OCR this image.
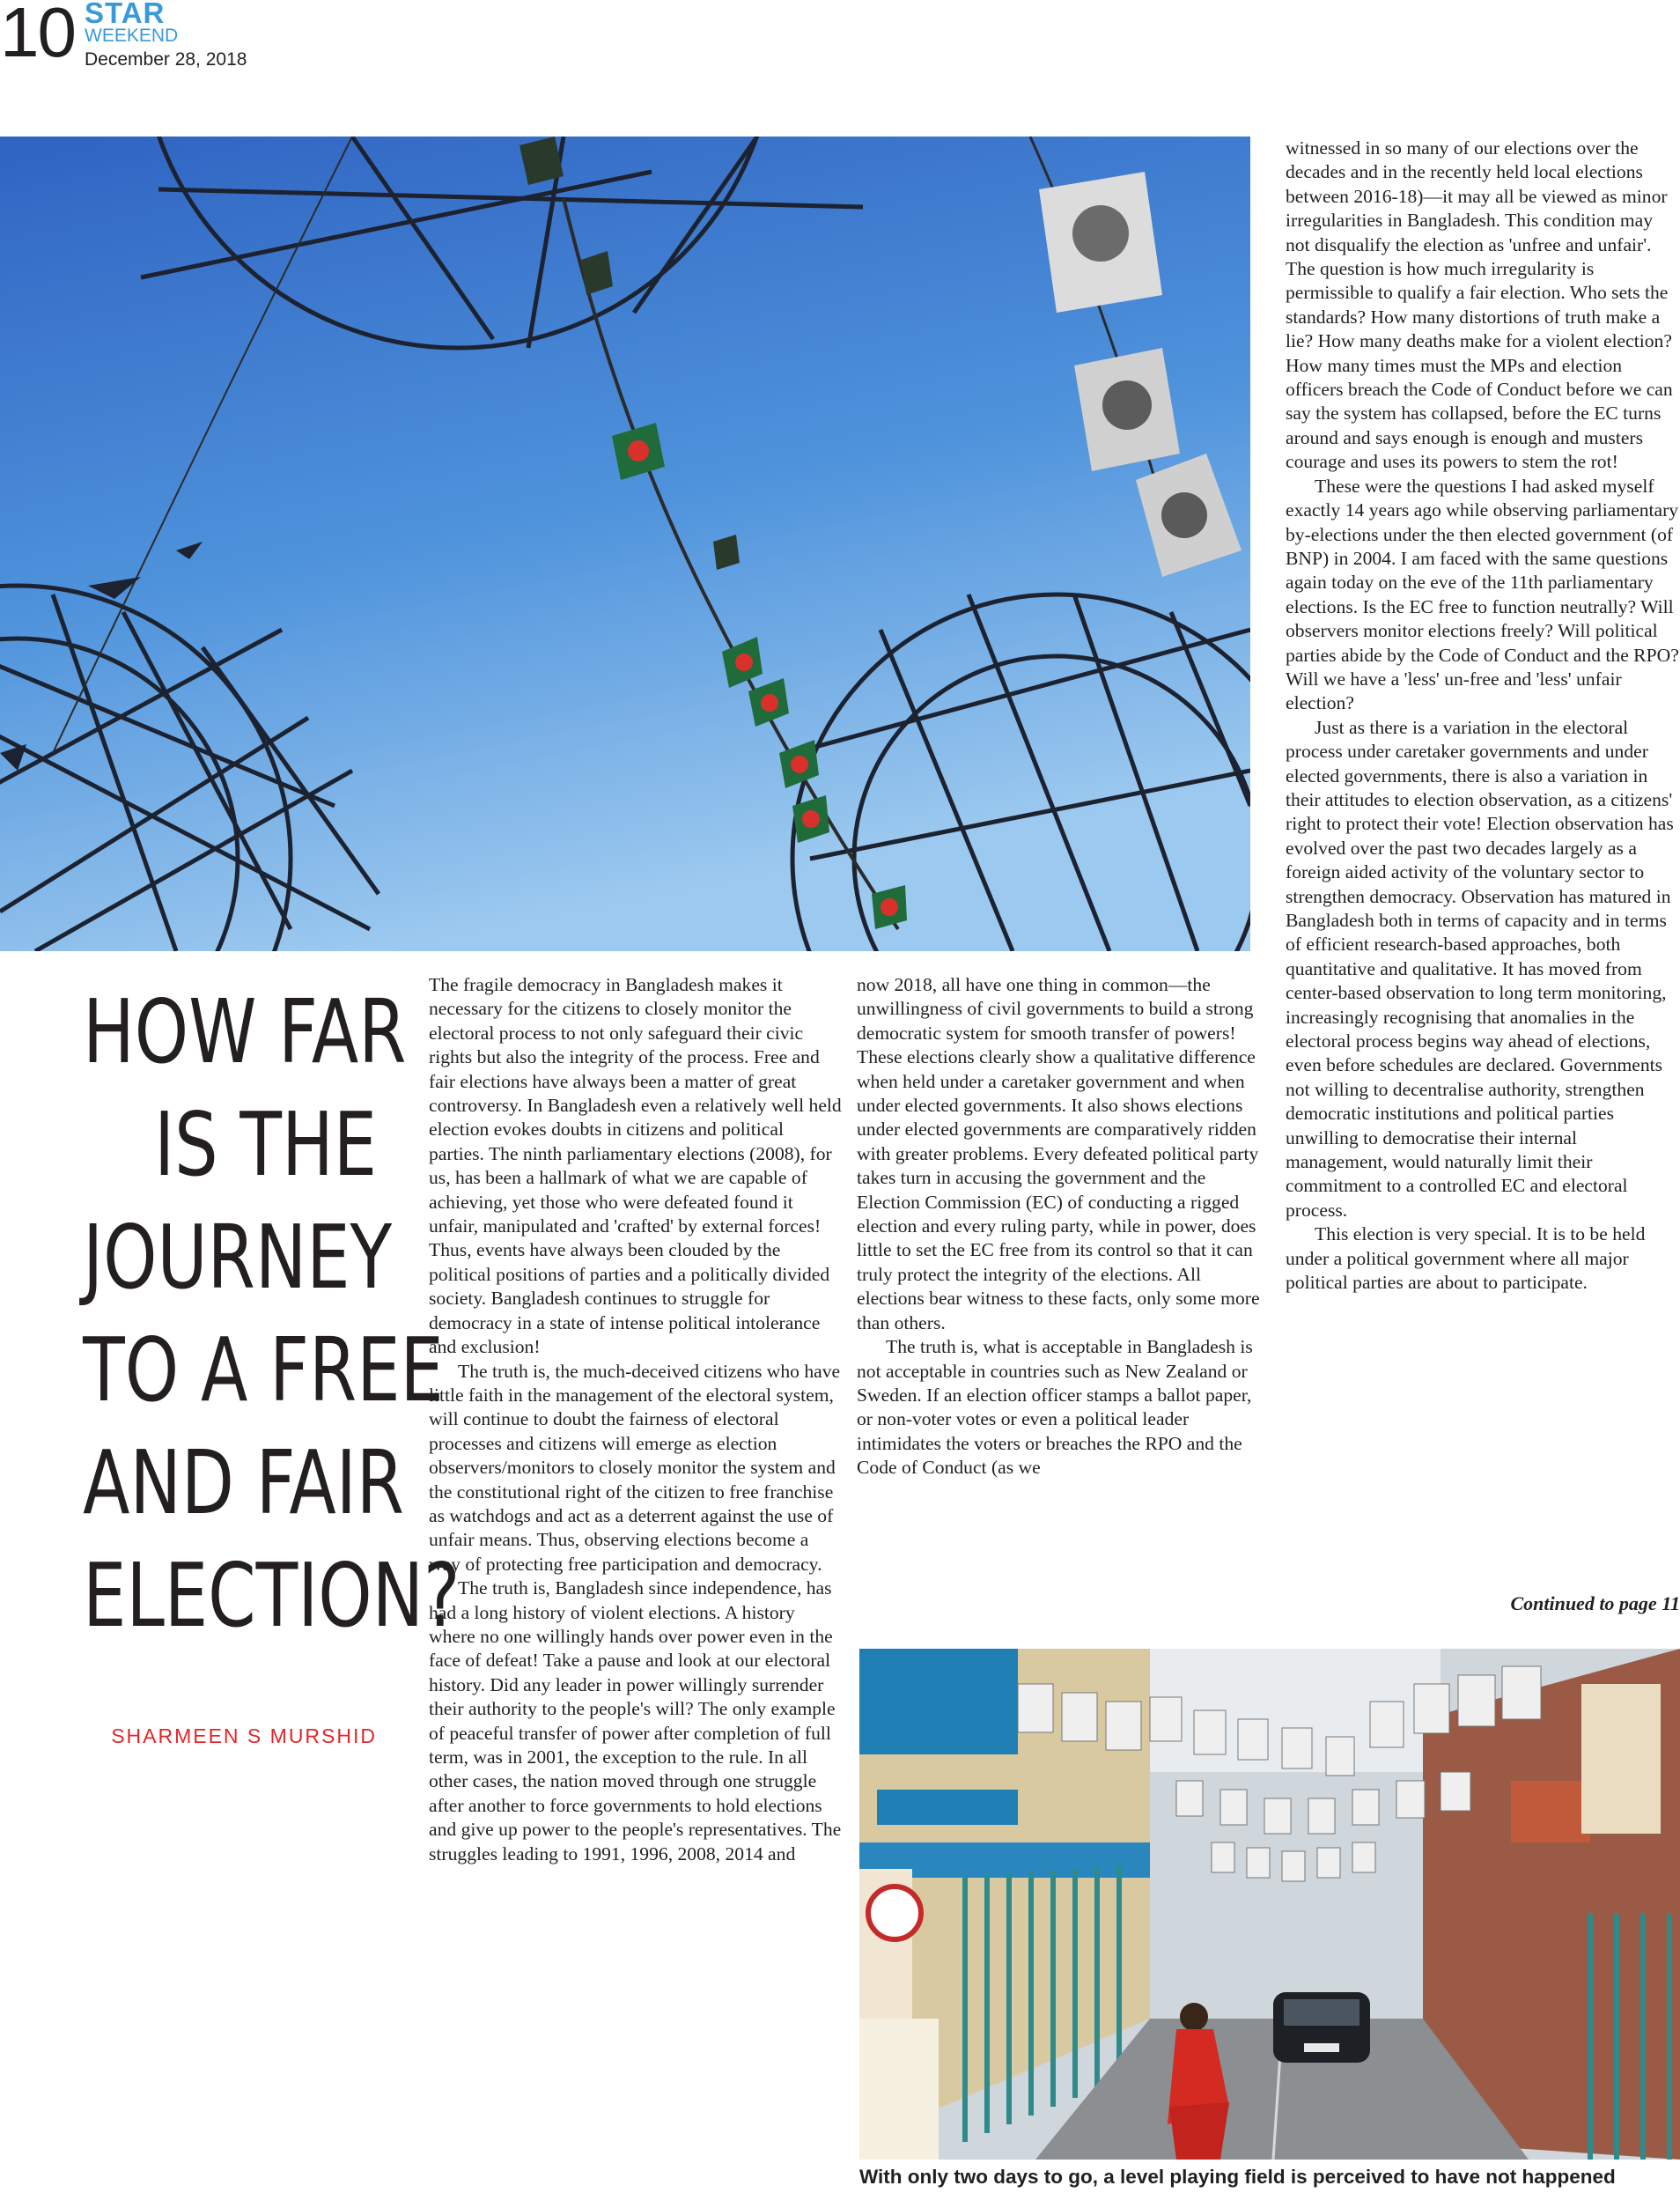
10 STAR
WEEKEND
December 28, 2018
HOW FAR
IS THE
JOURNEY
TO A FREE
AND FAIR
ELECTION?
SHARMEEN S MURSHID

The fragile democracy in Bangladesh makes it necessary for the citizens to closely monitor the electoral process to not only safeguard their civic rights but also the integrity of the process. Free and fair elections have always been a matter of great controversy. In Bangladesh even a relatively well held election evokes doubts in citizens and political parties. The ninth parliamentary elections (2008), for us, has been a hallmark of what we are capable of achieving, yet those who were defeated found it unfair, manipulated and 'crafted' by external forces! Thus, events have always been clouded by the political positions of parties and a politically divided society. Bangladesh continues to struggle for democracy in a state of intense political intolerance and exclusion!

The truth is, the much-deceived citizens who have little faith in the management of the electoral system, will continue to doubt the fairness of electoral processes and citizens will emerge as election observers/monitors to closely monitor the system and the constitutional right of the citizen to free franchise as watchdogs and act as a deterrent against the use of unfair means. Thus, observing elections become a way of protecting free participation and democracy.

The truth is, Bangladesh since independence, has had a long history of violent elections. A history where no one willingly hands over power even in the face of defeat! Take a pause and look at our electoral history. Did any leader in power willingly surrender their authority to the people's will? The only example of peaceful transfer of power after completion of full term, was in 2001, the exception to the rule. In all other cases, the nation moved through one struggle after another to force governments to hold elections and give up power to the people's representatives. The struggles leading to 1991, 1996, 2008, 2014 and

now 2018, all have one thing in common—the unwillingness of civil governments to build a strong democratic system for smooth transfer of powers! These elections clearly show a qualitative difference when held under a caretaker government and when under elected governments. It also shows elections under elected governments are comparatively ridden with greater problems. Every defeated political party takes turn in accusing the government and the Election Commission (EC) of conducting a rigged election and every ruling party, while in power, does little to set the EC free from its control so that it can truly protect the integrity of the elections. All elections bear witness to these facts, only some more than others.

The truth is, what is acceptable in Bangladesh is not acceptable in countries such as New Zealand or Sweden. If an election officer stamps a ballot paper, or non-voter votes or even a political leader intimidates the voters or breaches the RPO and the Code of Conduct (as we

witnessed in so many of our elections over the decades and in the recently held local elections between 2016-18)—it may all be viewed as minor irregularities in Bangladesh. This condition may not disqualify the election as 'unfree and unfair'. The question is how much irregularity is permissible to qualify a fair election. Who sets the standards? How many distortions of truth make a lie? How many deaths make for a violent election? How many times must the MPs and election officers breach the Code of Conduct before we can say the system has collapsed, before the EC turns around and says enough is enough and musters courage and uses its powers to stem the rot!

These were the questions I had asked myself exactly 14 years ago while observing parliamentary by-elections under the then elected government (of BNP) in 2004. I am faced with the same questions again today on the eve of the 11th parliamentary elections. Is the EC free to function neutrally? Will observers monitor elections freely? Will political parties abide by the Code of Conduct and the RPO? Will we have a 'less' un-free and 'less' unfair election?

Just as there is a variation in the electoral process under caretaker governments and under elected governments, there is also a variation in their attitudes to election observation, as a citizens' right to protect their vote! Election observation has evolved over the past two decades largely as a foreign aided activity of the voluntary sector to strengthen democracy. Observation has matured in Bangladesh both in terms of capacity and in terms of efficient research-based approaches, both quantitative and qualitative. It has moved from center-based observation to long term monitoring, increasingly recognising that anomalies in the electoral process begins way ahead of elections, even before schedules are declared. Governments not willing to decentralise authority, strengthen democratic institutions and political parties unwilling to democratise their internal management, would naturally limit their commitment to a controlled EC and electoral process.

This election is very special. It is to be held under a political government where all major political parties are about to participate.

Continued to page 11
With only two days to go, a level playing field is perceived to have not happened
